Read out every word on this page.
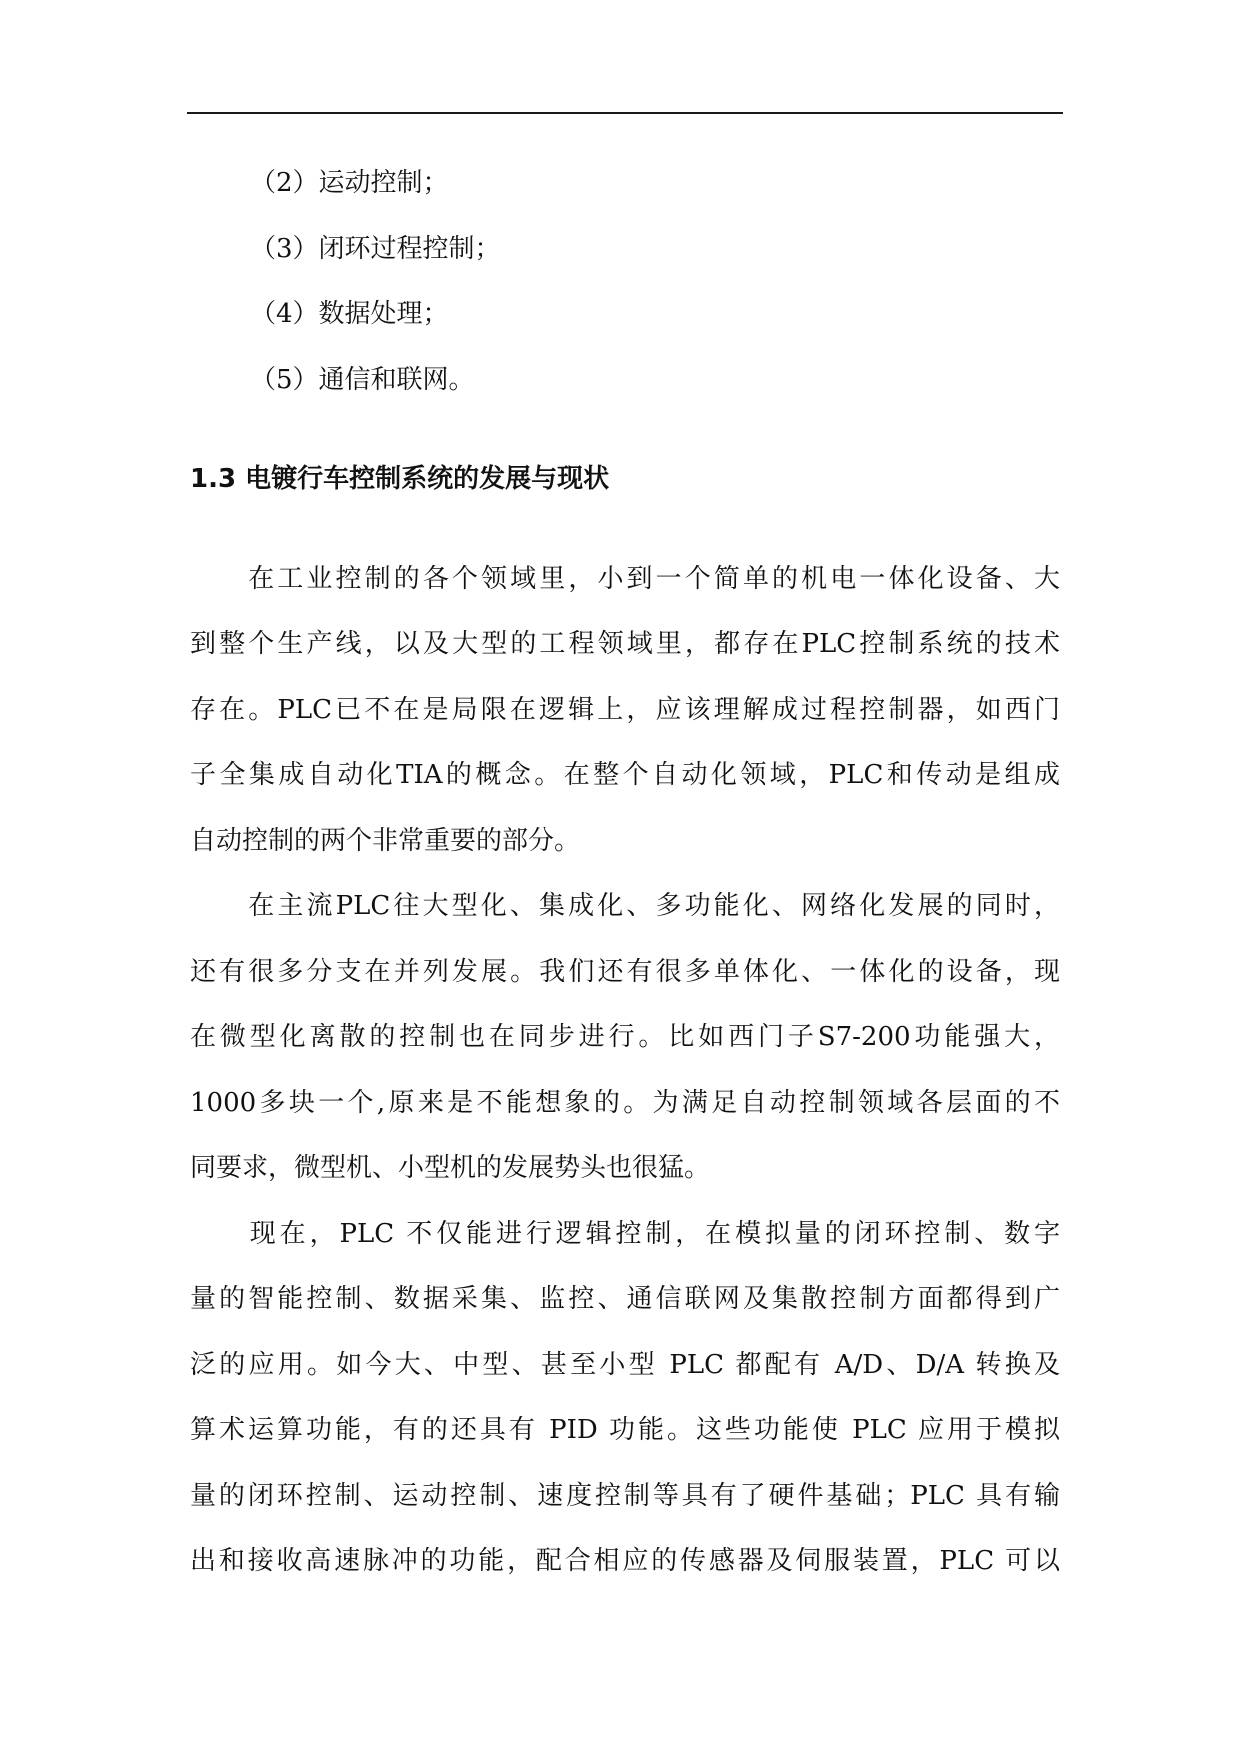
（2）运动控制；
（3）闭环过程控制；
（4）数据处理；
（5）通信和联网。
1.3 电镀行车控制系统的发展与现状
　　在工业控制的各个领域里，小到一个简单的机电一体化设备、大
到整个生产线，以及大型的工程领域里，都存在PLC控制系统的技术
存在。PLC已不在是局限在逻辑上，应该理解成过程控制器，如西门
子全集成自动化TIA的概念。在整个自动化领域，PLC和传动是组成
自动控制的两个非常重要的部分。
　　在主流PLC往大型化、集成化、多功能化、网络化发展的同时，
还有很多分支在并列发展。我们还有很多单体化、一体化的设备，现
在微型化离散的控制也在同步进行。比如西门子S7-200功能强大，
1000多块一个,原来是不能想象的。为满足自动控制领域各层面的不
同要求，微型机、小型机的发展势头也很猛。
　　现在，PLC 不仅能进行逻辑控制，在模拟量的闭环控制、数字
量的智能控制、数据采集、监控、通信联网及集散控制方面都得到广
泛的应用。如今大、中型、甚至小型 PLC 都配有 A/D、D/A 转换及
算术运算功能，有的还具有 PID 功能。这些功能使 PLC 应用于模拟
量的闭环控制、运动控制、速度控制等具有了硬件基础；PLC 具有输
出和接收高速脉冲的功能，配合相应的传感器及伺服装置，PLC 可以
